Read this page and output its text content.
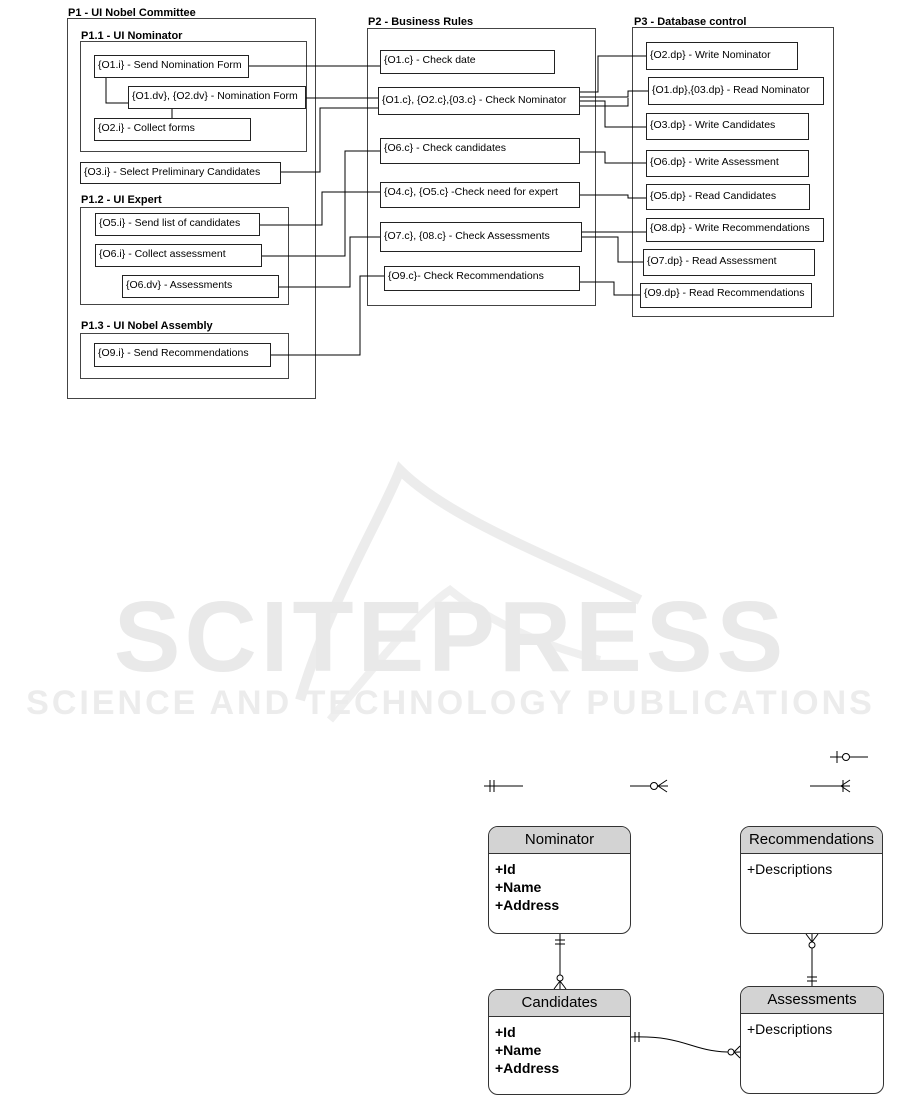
SCITEPRESS
SCIENCE AND TECHNOLOGY PUBLICATIONS
P1 - UI Nobel Committee
P1.1 - UI Nominator
{O1.i} - Send Nomination Form
{O1.dv}, {O2.dv} - Nomination Form
{O2.i} - Collect forms
{O3.i} - Select Preliminary Candidates
P1.2 - UI Expert
{O5.i} - Send list of candidates
{O6.i} - Collect assessment
{O6.dv} - Assessments
P1.3 - UI Nobel Assembly
{O9.i} - Send Recommendations
P2 - Business Rules
{O1.c} - Check date
{O1.c}, {O2.c},{03.c} - Check Nominator
{O6.c} - Check candidates
{O4.c}, {O5.c} -Check need for expert
{O7.c}, {08.c} - Check Assessments
{O9.c}- Check Recommendations
P3 - Database control
{O2.dp} - Write Nominator
{O1.dp},{03.dp} - Read Nominator
{O3.dp} - Write Candidates
{O6.dp} - Write Assessment
{O5.dp} - Read Candidates
{O8.dp} - Write Recommendations
{O7.dp} - Read Assessment
{O9.dp} - Read Recommendations
Nominator
+Id
+Name
+Address
Recommendations
+Descriptions
Candidates
+Id
+Name
+Address
Assessments
+Descriptions
